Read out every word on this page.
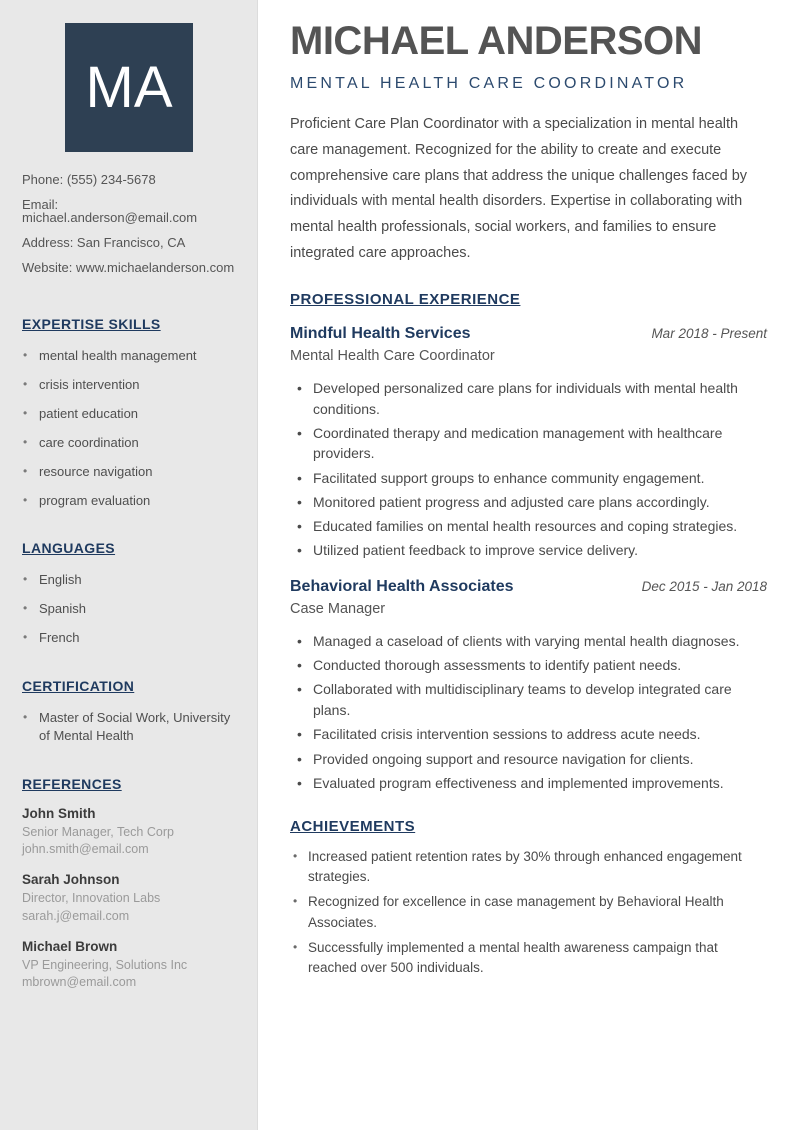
MA
Phone: (555) 234-5678
Email: michael.anderson@email.com
Address: San Francisco, CA
Website: www.michaelanderson.com
EXPERTISE SKILLS
• mental health management
• crisis intervention
• patient education
• care coordination
• resource navigation
• program evaluation
LANGUAGES
• English
• Spanish
• French
CERTIFICATION
• Master of Social Work, University of Mental Health
REFERENCES
John Smith
Senior Manager, Tech Corp
john.smith@email.com
Sarah Johnson
Director, Innovation Labs
sarah.j@email.com
Michael Brown
VP Engineering, Solutions Inc
mbrown@email.com
MICHAEL ANDERSON
MENTAL HEALTH CARE COORDINATOR

Proficient Care Plan Coordinator with a specialization in mental health care management. Recognized for the ability to create and execute comprehensive care plans that address the unique challenges faced by individuals with mental health disorders. Expertise in collaborating with mental health professionals, social workers, and families to ensure integrated care approaches.

PROFESSIONAL EXPERIENCE
Mindful Health Services	Mar 2018 - Present
Mental Health Care Coordinator
• Developed personalized care plans for individuals with mental health conditions.
• Coordinated therapy and medication management with healthcare providers.
• Facilitated support groups to enhance community engagement.
• Monitored patient progress and adjusted care plans accordingly.
• Educated families on mental health resources and coping strategies.
• Utilized patient feedback to improve service delivery.
Behavioral Health Associates	Dec 2015 - Jan 2018
Case Manager
• Managed a caseload of clients with varying mental health diagnoses.
• Conducted thorough assessments to identify patient needs.
• Collaborated with multidisciplinary teams to develop integrated care plans.
• Facilitated crisis intervention sessions to address acute needs.
• Provided ongoing support and resource navigation for clients.
• Evaluated program effectiveness and implemented improvements.
ACHIEVEMENTS
• Increased patient retention rates by 30% through enhanced engagement strategies.
• Recognized for excellence in case management by Behavioral Health Associates.
• Successfully implemented a mental health awareness campaign that reached over 500 individuals.
